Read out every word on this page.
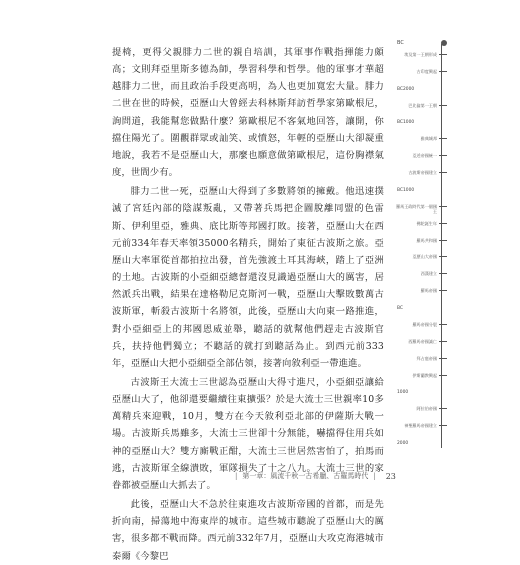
提椅，更得父親腓力二世的親自培訓，其軍事作戰指揮能力頗高；文則拜亞里斯多德為師，學習科學和哲學。他的軍事才華超越腓力二世，而且政治手段更高明，為人也更加寬宏大量。腓力二世在世的時候，亞歷山大曾經去科林斯拜訪哲學家第歐根尼，詢問道，我能幫您做點什麼？第歐根尼不客氣地回答，讓開，你擋住陽光了。圍觀群眾或訕笑、或憤怒，年輕的亞歷山大卻凝重地說，我若不是亞歷山大，那麼也願意做第歐根尼，這份胸襟氣度，世間少有。

腓力二世一死，亞歷山大得到了多數將領的擁戴。他迅速撲滅了宮廷內部的陰謀叛亂，又帶著兵馬把企圖脫離同盟的色雷斯、伊利里亞，雅典、底比斯等邦國打敗。接著，亞歷山大在西元前334年春天率領35000名精兵，開始了東征古波斯之旅。亞歷山大率軍從首都拍拉出發，首先強渡土耳其海峽，踏上了亞洲的土地。古波斯的小亞細亞總督還沒見識過亞歷山大的厲害，居然派兵出戰，結果在達格勒尼克斯河一戰，亞歷山大擊敗數萬古波斯軍，斬殺古波斯十名將領，此後，亞歷山大向東一路推進，對小亞細亞上的邦國恩威並舉，聽話的就幫他們趕走古波斯官兵，扶持他們獨立；不聽話的就打到聽話為止。到西元前333年，亞歷山大把小亞細亞全部佔領，接著向敘利亞一帶進進。

古波斯王大流士三世認為亞歷山大得寸進尺，小亞細亞讓給亞歷山大了，他卻還要繼續往東擴張？於是大流士三世親率10多萬精兵來迎戰，10月，雙方在今天敘利亞北部的伊薩斯大戰一場。古波斯兵馬雖多，大流士三世卻十分無能，嚇擋得住用兵如神的亞歷山大？雙方廝戰正酣，大流士三世居然害怕了，拍馬而逃，古波斯軍全線潰敗，軍隊損失了十之八九。大流士三世的家眷都被亞歷山大抓去了。

此後，亞歷山大不急於往東進攻古波斯帝國的首都，而是先折向南，掃蕩地中海東岸的城市。這些城市聽說了亞歷山大的厲害，很多都不戰而降。西元前332年7月，亞歷山大攻克海港城市泰爾《今黎巴

BC
埃及第一王朝形成
古印度興起
BC2000
巴比倫第一王朝
BC1000
雅典城邦
亞述帝國統一
古波斯帝國建立
BC1000
羅馬王政時代第一個國王
佛陀誕生年
羅馬共和國
亞歷山大帝國
西漢建立
羅馬帝國
BC
羅馬帝國分裂
西羅馬帝國滅亡
拜占庭帝國
伊斯蘭教興起
1000
阿拉伯帝國
神聖羅馬帝國建立
2000
| 第一章：風流千秋一古希臘、古羅馬時代 | 23
